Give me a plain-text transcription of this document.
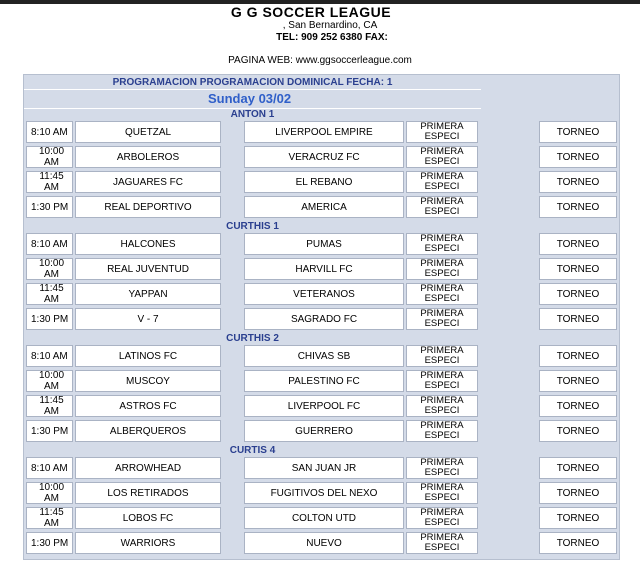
G G SOCCER LEAGUE
, San Bernardino, CA
TEL: 909 252 6380 FAX:
PAGINA WEB: www.ggsoccerleague.com
PROGRAMACION PROGRAMACION DOMINICAL FECHA: 1
Sunday 03/02
ANTON 1
8:10 AM	QUETZAL	LIVERPOOL EMPIRE	PRIMERA
ESPECI	TORNEO
10:00 AM	ARBOLEROS	VERACRUZ FC	PRIMERA
ESPECI	TORNEO
11:45 AM	JAGUARES FC	EL REBANO	PRIMERA
ESPECI	TORNEO
1:30 PM	REAL DEPORTIVO	AMERICA	PRIMERA
ESPECI	TORNEO
CURTHIS 1
8:10 AM	HALCONES	PUMAS	PRIMERA
ESPECI	TORNEO
10:00 AM	REAL JUVENTUD	HARVILL FC	PRIMERA
ESPECI	TORNEO
11:45 AM	YAPPAN	VETERANOS	PRIMERA
ESPECI	TORNEO
1:30 PM	V - 7	SAGRADO FC	PRIMERA
ESPECI	TORNEO
CURTHIS 2
8:10 AM	LATINOS FC	CHIVAS SB	PRIMERA
ESPECI	TORNEO
10:00 AM	MUSCOY	PALESTINO FC	PRIMERA
ESPECI	TORNEO
11:45 AM	ASTROS FC	LIVERPOOL FC	PRIMERA
ESPECI	TORNEO
1:30 PM	ALBERQUEROS	GUERRERO	PRIMERA
ESPECI	TORNEO
CURTIS 4
8:10 AM	ARROWHEAD	SAN JUAN JR	PRIMERA
ESPECI	TORNEO
10:00 AM	LOS RETIRADOS	FUGITIVOS DEL NEXO	PRIMERA
ESPECI	TORNEO
11:45 AM	LOBOS FC	COLTON UTD	PRIMERA
ESPECI	TORNEO
1:30 PM	WARRIORS	NUEVO	PRIMERA
ESPECI	TORNEO
